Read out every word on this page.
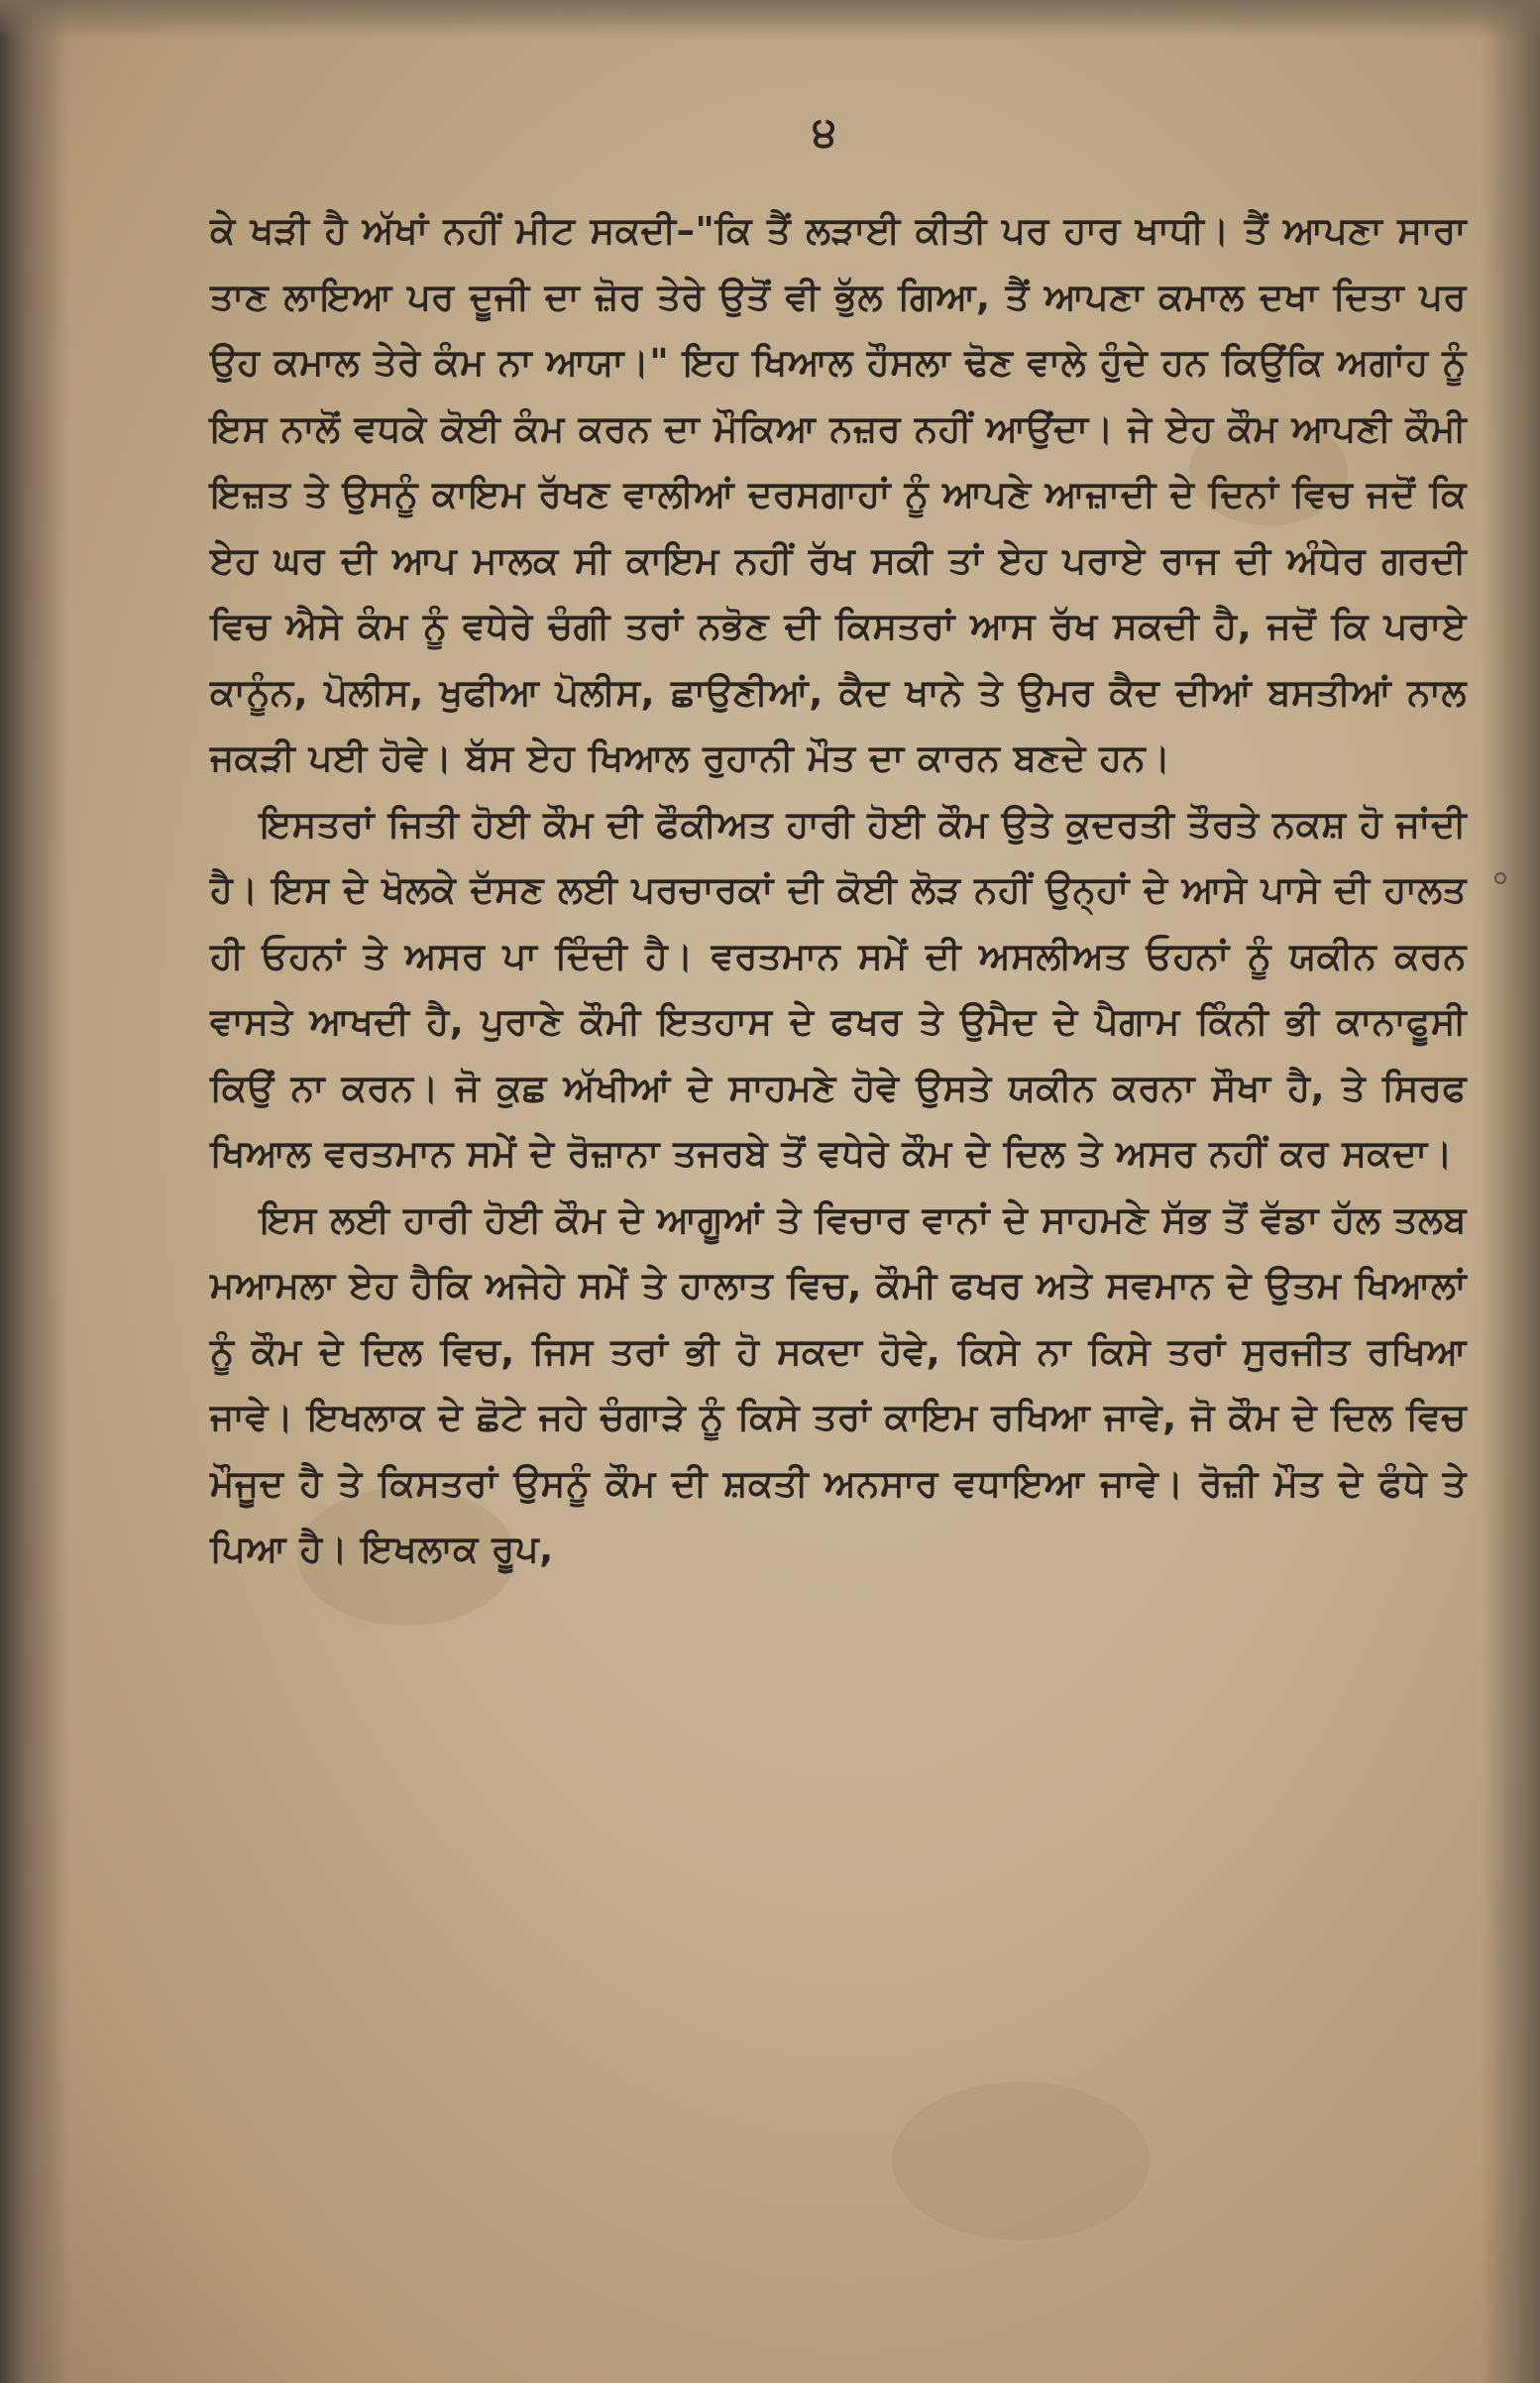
੪

ਕੇ ਖੜੀ ਹੈ ਅੱਖਾਂ ਨਹੀਂ ਮੀਟ ਸਕਦੀ–"ਕਿ ਤੈਂ ਲੜਾਈ ਕੀਤੀ ਪਰ ਹਾਰ ਖਾਧੀ। ਤੈਂ ਆਪਣਾ ਸਾਰਾ ਤਾਣ ਲਾਇਆ ਪਰ ਦੂਜੀ ਦਾ ਜ਼ੋਰ ਤੇਰੇ ਉਤੋਂ ਵੀ ਭੁੱਲ ਗਿਆ, ਤੈਂ ਆਪਣਾ ਕਮਾਲ ਦਖਾ ਦਿਤਾ ਪਰ ਉਹ ਕਮਾਲ ਤੇਰੇ ਕੰਮ ਨਾ ਆਯਾ।" ਇਹ ਖਿਆਲ ਹੌਸਲਾ ਢੋਣ ਵਾਲੇ ਹੁੰਦੇ ਹਨ ਕਿਉਂਕਿ ਅਗਾਂਹ ਨੂੰ ਇਸ ਨਾਲੋਂ ਵਧਕੇ ਕੋਈ ਕੰਮ ਕਰਨ ਦਾ ਮੌਕਿਆ ਨਜ਼ਰ ਨਹੀਂ ਆਉਂਦਾ। ਜੇ ਏਹ ਕੌਮ ਆਪਣੀ ਕੌਮੀ ਇਜ਼ਤ ਤੇ ਉਸਨੂੰ ਕਾਇਮ ਰੱਖਣ ਵਾਲੀਆਂ ਦਰਸਗਾਹਾਂ ਨੂੰ ਆਪਣੇ ਆਜ਼ਾਦੀ ਦੇ ਦਿਨਾਂ ਵਿਚ ਜਦੋਂ ਕਿ ਏਹ ਘਰ ਦੀ ਆਪ ਮਾਲਕ ਸੀ ਕਾਇਮ ਨਹੀਂ ਰੱਖ ਸਕੀ ਤਾਂ ਏਹ ਪਰਾਏ ਰਾਜ ਦੀ ਅੰਧੇਰ ਗਰਦੀ ਵਿਚ ਐਸੇ ਕੰਮ ਨੂੰ ਵਧੇਰੇ ਚੰਗੀ ਤਰਾਂ ਨਭੋਣ ਦੀ ਕਿਸਤਰਾਂ ਆਸ ਰੱਖ ਸਕਦੀ ਹੈ, ਜਦੋਂ ਕਿ ਪਰਾਏ ਕਾਨੂੰਨ, ਪੋਲੀਸ, ਖੁਫੀਆ ਪੋਲੀਸ, ਛਾਉਣੀਆਂ, ਕੈਦ ਖਾਨੇ ਤੇ ਉਮਰ ਕੈਦ ਦੀਆਂ ਬਸਤੀਆਂ ਨਾਲ ਜਕੜੀ ਪਈ ਹੋਵੇ। ਬੱਸ ਏਹ ਖਿਆਲ ਰੁਹਾਨੀ ਮੌਤ ਦਾ ਕਾਰਨ ਬਣਦੇ ਹਨ।

ਇਸਤਰਾਂ ਜਿਤੀ ਹੋਈ ਕੌਮ ਦੀ ਫੌਕੀਅਤ ਹਾਰੀ ਹੋਈ ਕੌਮ ਉਤੇ ਕੁਦਰਤੀ ਤੌਰਤੇ ਨਕਸ਼ ਹੋ ਜਾਂਦੀ ਹੈ। ਇਸ ਦੇ ਖੋਲਕੇ ਦੱਸਣ ਲਈ ਪਰਚਾਰਕਾਂ ਦੀ ਕੋਈ ਲੋੜ ਨਹੀਂ ਉਨ੍ਹਾਂ ਦੇ ਆਸੇ ਪਾਸੇ ਦੀ ਹਾਲਤ ਹੀ ਓਹਨਾਂ ਤੇ ਅਸਰ ਪਾ ਦਿੰਦੀ ਹੈ। ਵਰਤਮਾਨ ਸਮੇਂ ਦੀ ਅਸਲੀਅਤ ਓਹਨਾਂ ਨੂੰ ਯਕੀਨ ਕਰਨ ਵਾਸਤੇ ਆਖਦੀ ਹੈ, ਪੁਰਾਣੇ ਕੌਮੀ ਇਤਹਾਸ ਦੇ ਫਖਰ ਤੇ ਉਮੈਦ ਦੇ ਪੈਗਾਮ ਕਿੰਨੀ ਭੀ ਕਾਨਾਫੂਸੀ ਕਿਉਂ ਨਾ ਕਰਨ। ਜੋ ਕੁਛ ਅੱਖੀਆਂ ਦੇ ਸਾਹਮਣੇ ਹੋਵੇ ਉਸਤੇ ਯਕੀਨ ਕਰਨਾ ਸੌਖਾ ਹੈ, ਤੇ ਸਿਰਫ ਖਿਆਲ ਵਰਤਮਾਨ ਸਮੇਂ ਦੇ ਰੋਜ਼ਾਨਾ ਤਜਰਬੇ ਤੋਂ ਵਧੇਰੇ ਕੌਮ ਦੇ ਦਿਲ ਤੇ ਅਸਰ ਨਹੀਂ ਕਰ ਸਕਦਾ।

ਇਸ ਲਈ ਹਾਰੀ ਹੋਈ ਕੌਮ ਦੇ ਆਗੂਆਂ ਤੇ ਵਿਚਾਰ ਵਾਨਾਂ ਦੇ ਸਾਹਮਣੇ ਸੱਭ ਤੋਂ ਵੱਡਾ ਹੱਲ ਤਲਬ ਮਆਮਲਾ ਏਹ ਹੈਕਿ ਅਜੇਹੇ ਸਮੇਂ ਤੇ ਹਾਲਾਤ ਵਿਚ, ਕੌਮੀ ਫਖਰ ਅਤੇ ਸਵਮਾਨ ਦੇ ਉਤਮ ਖਿਆਲਾਂ ਨੂੰ ਕੌਮ ਦੇ ਦਿਲ ਵਿਚ, ਜਿਸ ਤਰਾਂ ਭੀ ਹੋ ਸਕਦਾ ਹੋਵੇ, ਕਿਸੇ ਨਾ ਕਿਸੇ ਤਰਾਂ ਸੁਰਜੀਤ ਰਖਿਆ ਜਾਵੇ। ਇਖਲਾਕ ਦੇ ਛੋਟੇ ਜਹੇ ਚੰਗਾੜੇ ਨੂੰ ਕਿਸੇ ਤਰਾਂ ਕਾਇਮ ਰਖਿਆ ਜਾਵੇ, ਜੋ ਕੌਮ ਦੇ ਦਿਲ ਵਿਚ ਮੌਜੂਦ ਹੈ ਤੇ ਕਿਸਤਰਾਂ ਉਸਨੂੰ ਕੌਮ ਦੀ ਸ਼ਕਤੀ ਅਨਸਾਰ ਵਧਾਇਆ ਜਾਵੇ। ਰੋਜ਼ੀ ਮੌਤ ਦੇ ਫੰਧੇ ਤੇ ਪਿਆ ਹੈ। ਇਖਲਾਕ ਰੂਪ,
